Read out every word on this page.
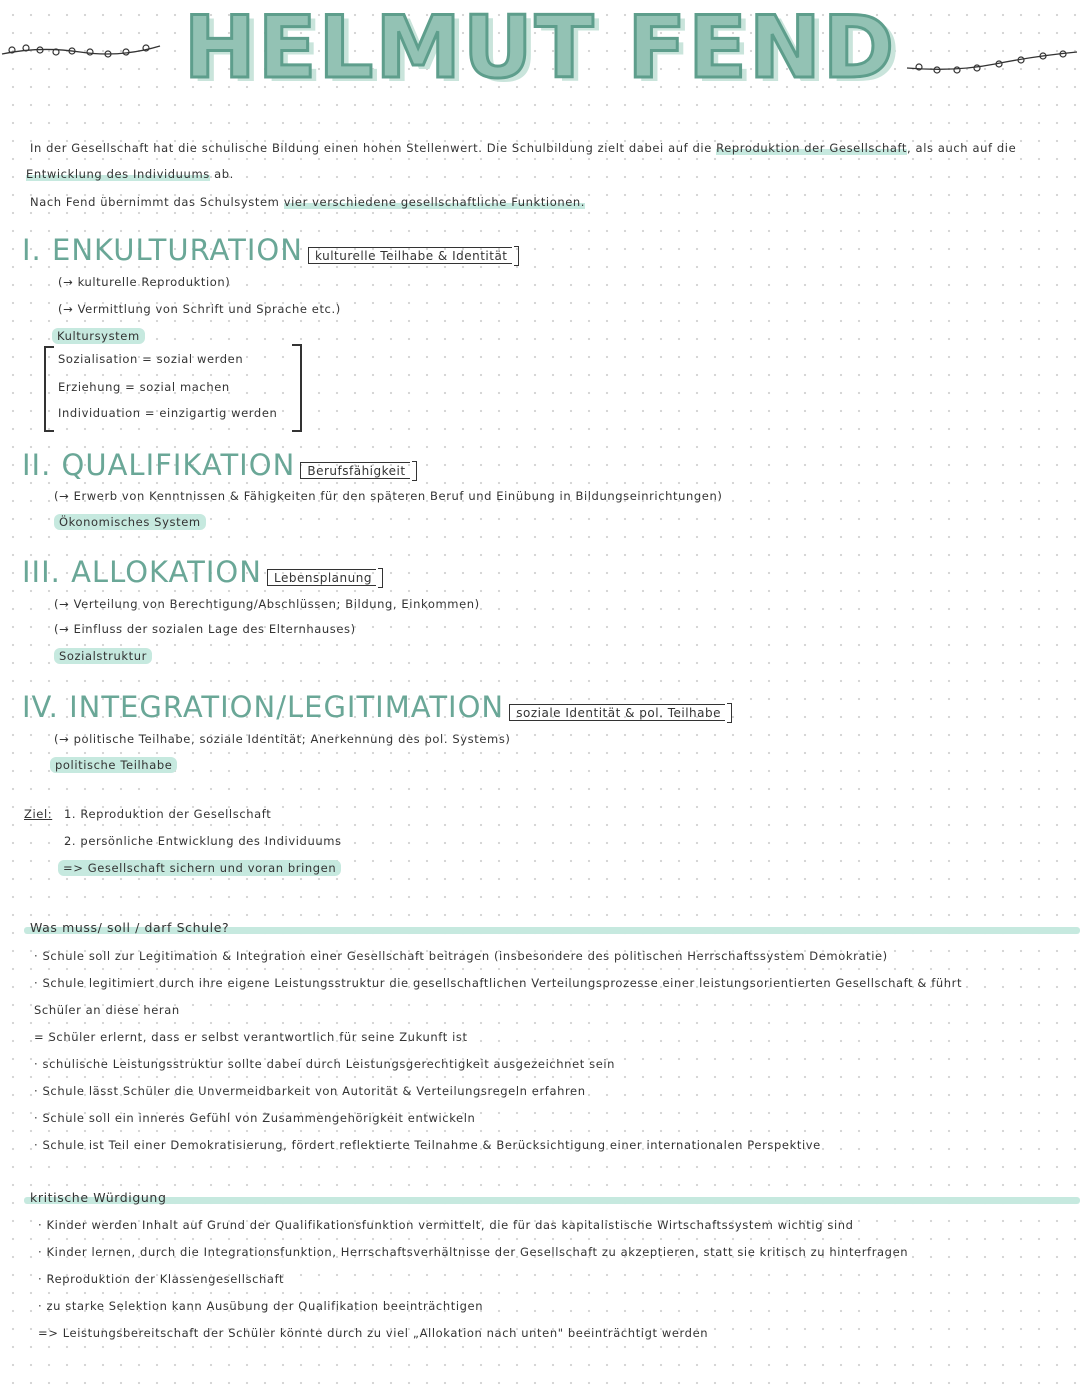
HELMUT FEND
In der Gesellschaft hat die schulische Bildung einen hohen Stellenwert. Die Schulbildung zielt dabei auf die Reproduktion der Gesellschaft, als auch auf die
Entwicklung des Individuums ab.
Nach Fend übernimmt das Schulsystem vier verschiedene gesellschaftliche Funktionen.
I. ENKULTURATION kulturelle Teilhabe & Identität
(→ kulturelle Reproduktion)
(→ Vermittlung von Schrift und Sprache etc.)
Kultursystem
Sozialisation = sozial werden
Erziehung = sozial machen
Individuation = einzigartig werden
II. QUALIFIKATION Berufsfähigkeit
(→ Erwerb von Kenntnissen & Fähigkeiten für den späteren Beruf und Einübung in Bildungseinrichtungen)
Ökonomisches System
III. ALLOKATION Lebensplanung
(→ Verteilung von Berechtigung/Abschlüssen; Bildung, Einkommen)
(→ Einfluss der sozialen Lage des Elternhauses)
Sozialstruktur
IV. INTEGRATION/LEGITIMATION soziale Identität & pol. Teilhabe
(→ politische Teilhabe, soziale Identität; Anerkennung des pol. Systems)
politische Teilhabe
Ziel: 1. Reproduktion der Gesellschaft
2. persönliche Entwicklung des Individuums
=> Gesellschaft sichern und voran bringen
Was muss/ soll / darf Schule?
· Schule soll zur Legitimation & Integration einer Gesellschaft beitragen (insbesondere des politischen Herrschaftssystem Demokratie)
· Schule legitimiert durch ihre eigene Leistungsstruktur die gesellschaftlichen Verteilungsprozesse einer leistungsorientierten Gesellschaft & führt
Schüler an diese heran
= Schüler erlernt, dass er selbst verantwortlich für seine Zukunft ist
· schulische Leistungsstruktur sollte dabei durch Leistungsgerechtigkeit ausgezeichnet sein
· Schule lässt Schüler die Unvermeidbarkeit von Autorität & Verteilungsregeln erfahren
· Schule soll ein inneres Gefühl von Zusammengehörigkeit entwickeln
· Schule ist Teil einer Demokratisierung, fördert reflektierte Teilnahme & Berücksichtigung einer internationalen Perspektive
kritische Würdigung
· Kinder werden Inhalt auf Grund der Qualifikationsfunktion vermittelt, die für das kapitalistische Wirtschaftssystem wichtig sind
· Kinder lernen, durch die Integrationsfunktion, Herrschaftsverhältnisse der Gesellschaft zu akzeptieren, statt sie kritisch zu hinterfragen
· Reproduktion der Klassengesellschaft
· zu starke Selektion kann Ausübung der Qualifikation beeinträchtigen
=> Leistungsbereitschaft der Schüler könnte durch zu viel „Allokation nach unten" beeinträchtigt werden
